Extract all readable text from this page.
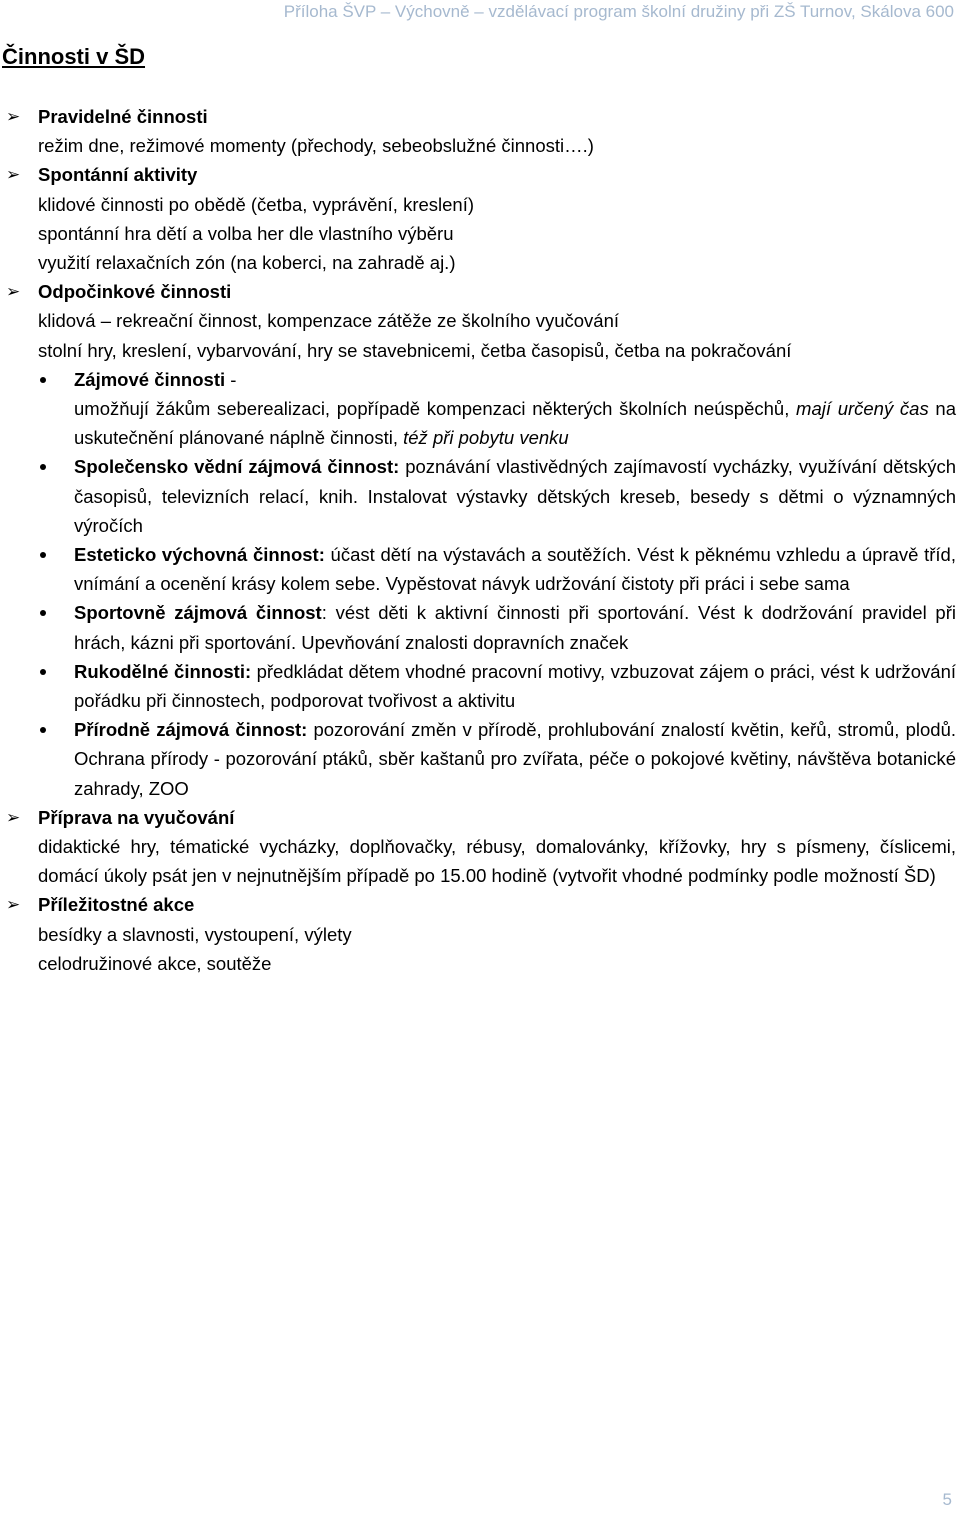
Příloha ŠVP – Výchovně – vzdělávací program školní družiny při ZŠ Turnov, Skálova 600
Činnosti v ŠD
➢ Pravidelné činnosti
režim dne, režimové momenty (přechody, sebeobslužné činnosti….)
➢ Spontánní aktivity
klidové činnosti po obědě (četba, vyprávění, kreslení)
spontánní hra dětí a volba her dle vlastního výběru
využití relaxačních zón (na koberci, na zahradě aj.)
➢ Odpočinkové činnosti
klidová – rekreační činnost, kompenzace zátěže ze školního vyučování
stolní hry, kreslení, vybarvování, hry se stavebnicemi, četba časopisů, četba na pokračování
Zájmové činnosti -
umožňují žákům seberealizaci, popřípadě kompenzaci některých školních neúspěchů, mají určený čas na uskutečnění plánované náplně činnosti, též při pobytu venku
Společensko vědní zájmová činnost: poznávání vlastivědných zajímavostí vycházky, využívání dětských časopisů, televizních relací, knih. Instalovat výstavky dětských kreseb, besedy s dětmi o významných výročích
Esteticko výchovná činnost: účast dětí na výstavách a soutěžích. Vést k pěknému vzhledu a úpravě tříd, vnímání a ocenění krásy kolem sebe. Vypěstovat návyk udržování čistoty při práci i sebe sama
Sportovně zájmová činnost: vést děti k aktivní činnosti při sportování. Vést k dodržování pravidel při hrách, kázni při sportování. Upevňování znalosti dopravních značek
Rukodělné činnosti: předkládat dětem vhodné pracovní motivy, vzbuzovat zájem o práci, vést k udržování pořádku při činnostech, podporovat tvořivost a aktivitu
Přírodně zájmová činnost: pozorování změn v přírodě, prohlubování znalostí květin, keřů, stromů, plodů. Ochrana přírody - pozorování ptáků, sběr kaštanů pro zvířata, péče o pokojové květiny, návštěva botanické zahrady, ZOO
➢ Příprava na vyučování
didaktické hry, tématické vycházky, doplňovačky, rébusy, domalovánky, křížovky, hry s písmeny, číslicemi, domácí úkoly psát jen v nejnutnějším případě po 15.00 hodině (vytvořit vhodné podmínky podle možností ŠD)
➢ Příležitostné akce
besídky a slavnosti, vystoupení, výlety
celodružinové akce, soutěže
5
